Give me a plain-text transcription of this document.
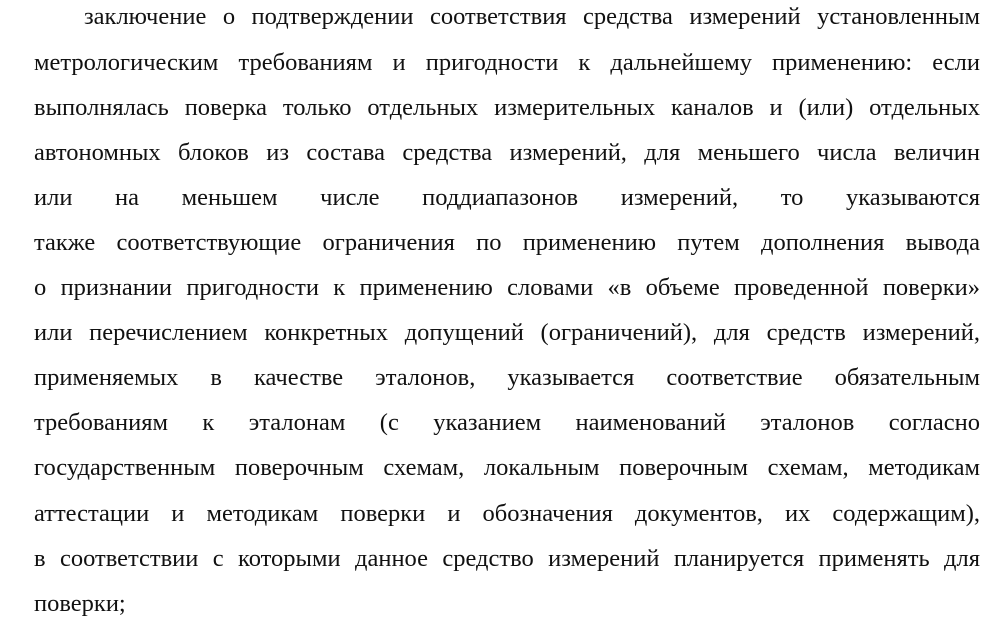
заключение о подтверждении соответствия средства измерений установленным
метрологическим требованиям и пригодности к дальнейшему применению: если
выполнялась поверка только отдельных измерительных каналов и (или) отдельных
автономных блоков из состава средства измерений, для меньшего числа величин
или на меньшем числе поддиапазонов измерений, то указываются
также соответствующие ограничения по применению путем дополнения вывода
о признании пригодности к применению словами «в объеме проведенной поверки»
или перечислением конкретных допущений (ограничений), для средств измерений,
применяемых в качестве эталонов, указывается соответствие обязательным
требованиям к эталонам (с указанием наименований эталонов согласно
государственным поверочным схемам, локальным поверочным схемам, методикам
аттестации и методикам поверки и обозначения документов, их содержащим),
в соответствии с которыми данное средство измерений планируется применять для
поверки;
